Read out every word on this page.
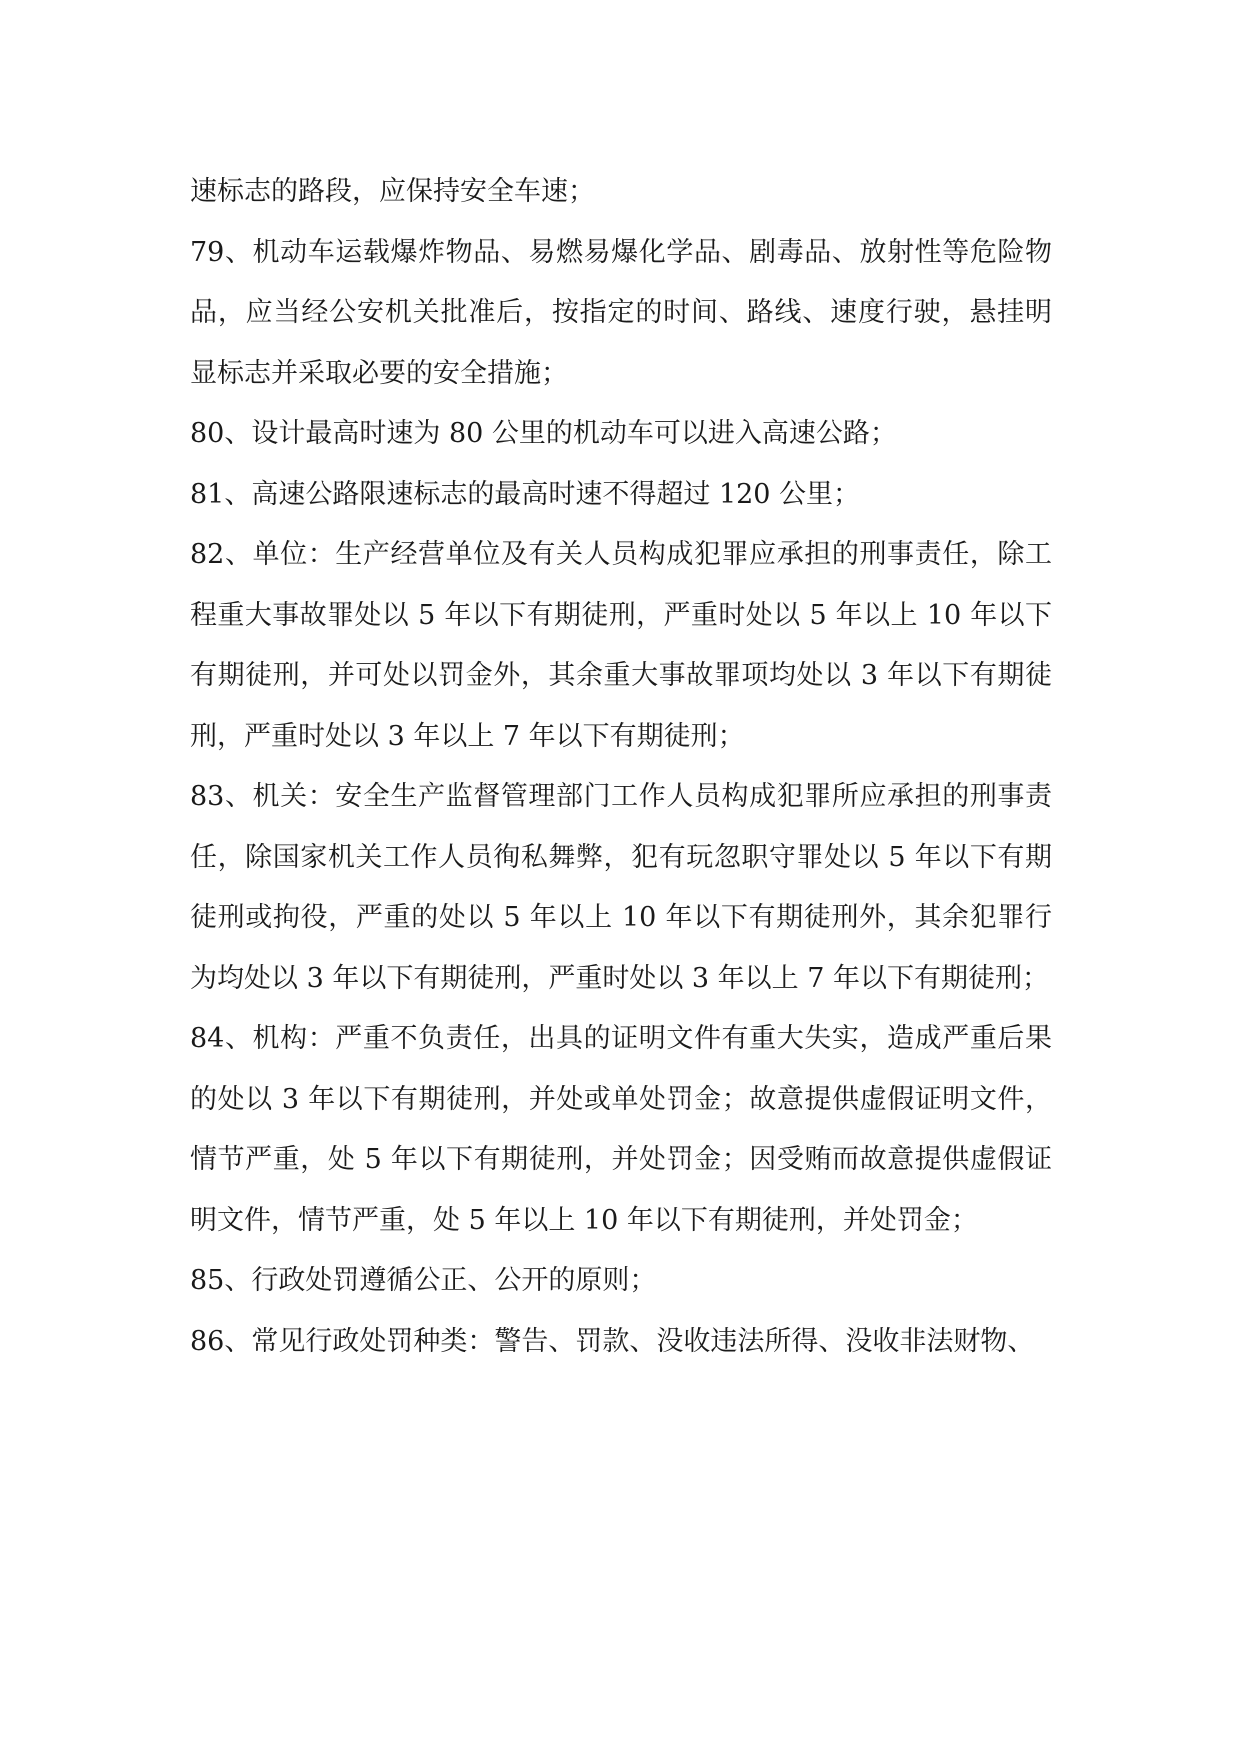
速标志的路段，应保持安全车速；

79、机动车运载爆炸物品、易燃易爆化学品、剧毒品、放射性等危险物品，应当经公安机关批准后，按指定的时间、路线、速度行驶，悬挂明显标志并采取必要的安全措施；

80、设计最高时速为 80 公里的机动车可以进入高速公路；

81、高速公路限速标志的最高时速不得超过 120 公里；

82、单位：生产经营单位及有关人员构成犯罪应承担的刑事责任，除工程重大事故罪处以 5 年以下有期徒刑，严重时处以 5 年以上 10 年以下有期徒刑，并可处以罚金外，其余重大事故罪项均处以 3 年以下有期徒刑，严重时处以 3 年以上 7 年以下有期徒刑；

83、机关：安全生产监督管理部门工作人员构成犯罪所应承担的刑事责任，除国家机关工作人员徇私舞弊，犯有玩忽职守罪处以 5 年以下有期徒刑或拘役，严重的处以 5 年以上 10 年以下有期徒刑外，其余犯罪行为均处以 3 年以下有期徒刑，严重时处以 3 年以上 7 年以下有期徒刑；

84、机构：严重不负责任，出具的证明文件有重大失实，造成严重后果的处以 3 年以下有期徒刑，并处或单处罚金；故意提供虚假证明文件，情节严重，处 5 年以下有期徒刑，并处罚金；因受贿而故意提供虚假证明文件，情节严重，处 5 年以上 10 年以下有期徒刑，并处罚金；

85、行政处罚遵循公正、公开的原则；

86、常见行政处罚种类：警告、罚款、没收违法所得、没收非法财物、
